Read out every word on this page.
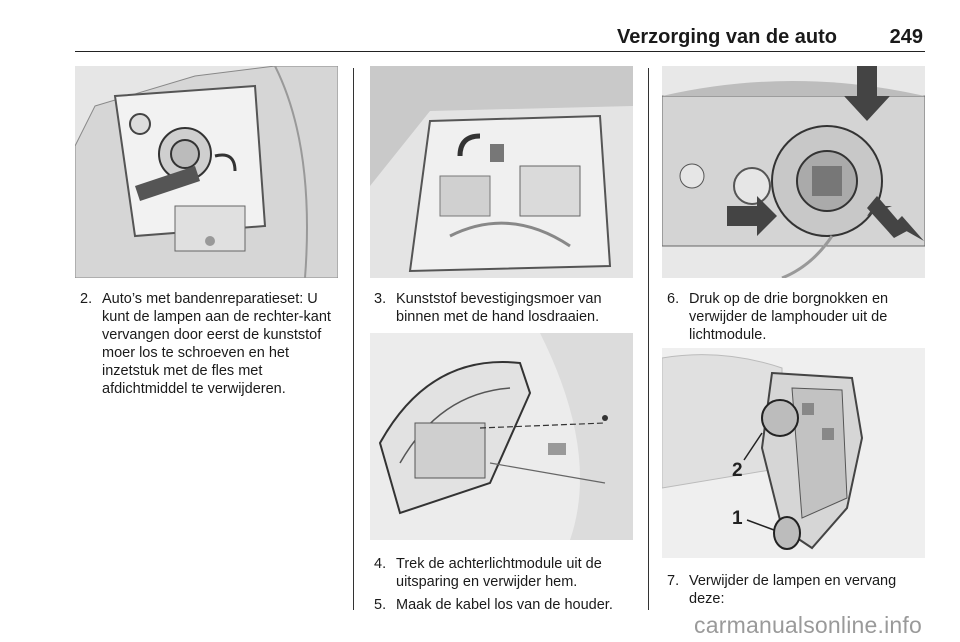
Verzorging van de auto	249
2
1
2. Auto’s met bandenreparatieset: U kunt de lampen aan de rechter-kant vervangen door eerst de kunststof moer los te schroeven en het inzetstuk met de fles met afdichtmiddel te verwijderen.
3. Kunststof bevestigingsmoer van binnen met de hand losdraaien.
4. Trek de achterlichtmodule uit de uitsparing en verwijder hem.
5. Maak de kabel los van de houder.
6. Druk op de drie borgnokken en verwijder de lamphouder uit de lichtmodule.
7. Verwijder de lampen en vervang deze:
carmanualsonline.info
